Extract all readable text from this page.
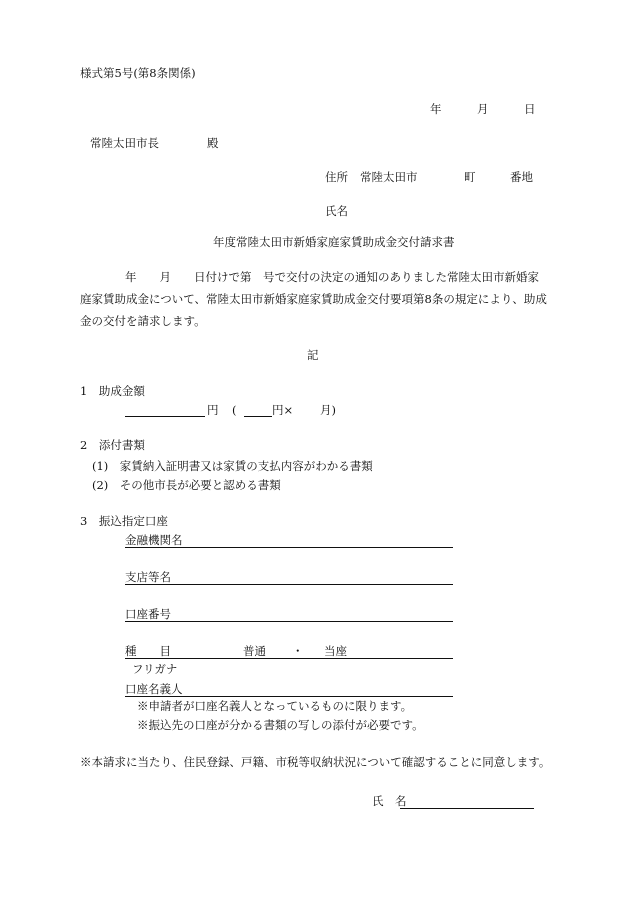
様式第5号(第8条関係)
年	月	日
常陸太田市長	殿
住所 常陸太田市	町	番地
氏名
年度常陸太田市新婚家庭家賃助成金交付請求書
年　　月　　日付けで第　号で交付の決定の通知のありました常陸太田市新婚家
庭家賃助成金について、常陸太田市新婚家庭家賃助成金交付要項第8条の規定により、助成
金の交付を請求します。
記
1　助成金額
円 (	円× 月)
2　添付書類
(1)　家賃納入証明書又は家賃の支払内容がわかる書類
(2)　その他市長が必要と認める書類
3　振込指定口座
金融機関名
支店等名
口座番号
種　　目	普通 ・ 当座
フリガナ
口座名義人
※申請者が口座名義人となっているものに限ります。
※振込先の口座が分かる書類の写しの添付が必要です。
※本請求に当たり、住民登録、戸籍、市税等収納状況について確認することに同意します。
氏　名
